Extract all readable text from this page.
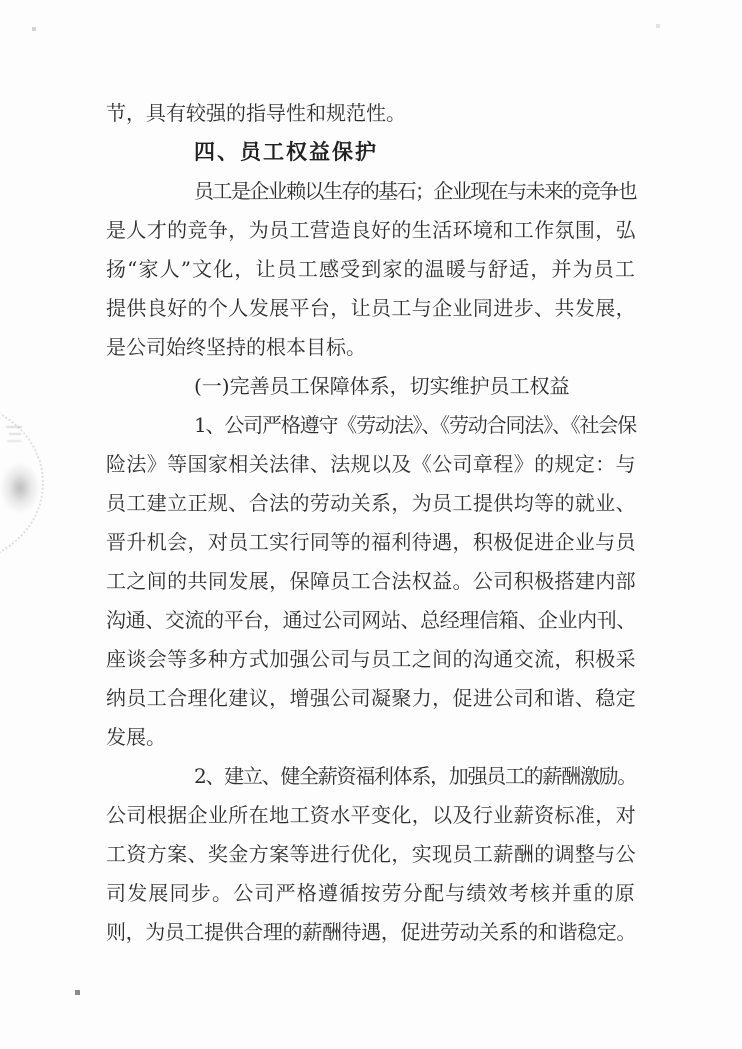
节，具有较强的指导性和规范性。
四、员工权益保护
员工是企业赖以生存的基石；企业现在与未来的竞争也
是人才的竞争，为员工营造良好的生活环境和工作氛围，弘
扬“家人”文化，让员工感受到家的温暖与舒适，并为员工
提供良好的个人发展平台，让员工与企业同进步、共发展，
是公司始终坚持的根本目标。
(一)完善员工保障体系，切实维护员工权益
1、公司严格遵守《劳动法》、《劳动合同法》、《社会保
险法》等国家相关法律、法规以及《公司章程》的规定：与
员工建立正规、合法的劳动关系，为员工提供均等的就业、
晋升机会，对员工实行同等的福利待遇，积极促进企业与员
工之间的共同发展，保障员工合法权益。公司积极搭建内部
沟通、交流的平台，通过公司网站、总经理信箱、企业内刊、
座谈会等多种方式加强公司与员工之间的沟通交流，积极采
纳员工合理化建议，增强公司凝聚力，促进公司和谐、稳定
发展。
2、建立、健全薪资福利体系，加强员工的薪酬激励。
公司根据企业所在地工资水平变化，以及行业薪资标准，对
工资方案、奖金方案等进行优化，实现员工薪酬的调整与公
司发展同步。公司严格遵循按劳分配与绩效考核并重的原
则，为员工提供合理的薪酬待遇，促进劳动关系的和谐稳定。
